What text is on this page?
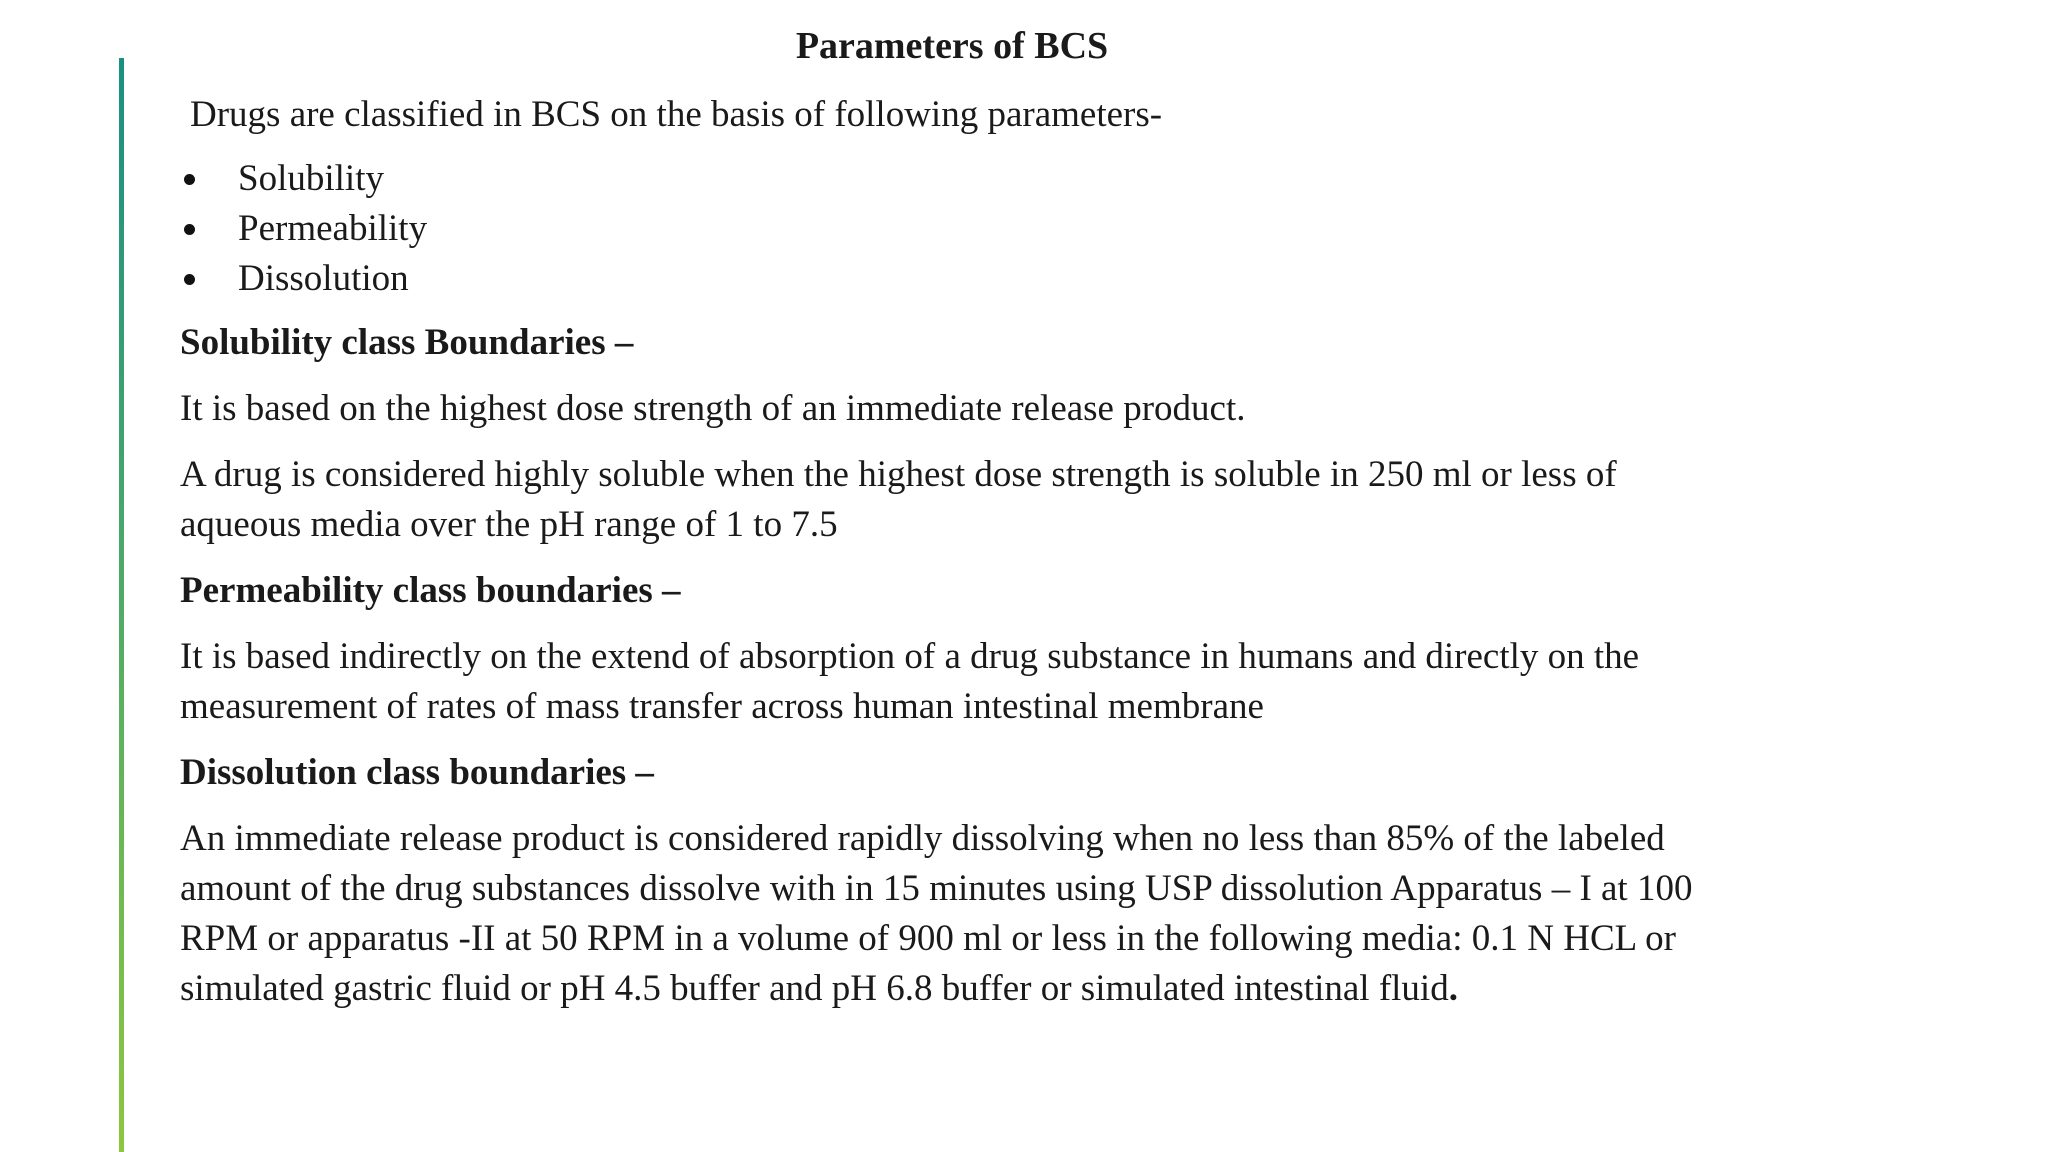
Parameters of BCS

Drugs are classified in BCS on the basis of following parameters-

Solubility
Permeability
Dissolution

Solubility class Boundaries –

It is based on the highest dose strength of an immediate release product.

A drug is considered highly soluble when the highest dose strength is soluble in 250 ml or less of aqueous media over the pH range of 1 to 7.5

Permeability class boundaries –

It is based indirectly on the extend of absorption of a drug substance in humans and directly on the measurement of rates of mass transfer across human intestinal membrane

Dissolution class boundaries –

An immediate release product is considered rapidly dissolving when no less than 85% of the labeled amount of the drug substances dissolve with in 15 minutes using USP dissolution Apparatus – I at 100 RPM or apparatus -II at 50 RPM in a volume of 900 ml or less in the following media: 0.1 N HCL or simulated gastric fluid or pH 4.5 buffer and pH 6.8 buffer or simulated intestinal fluid.
